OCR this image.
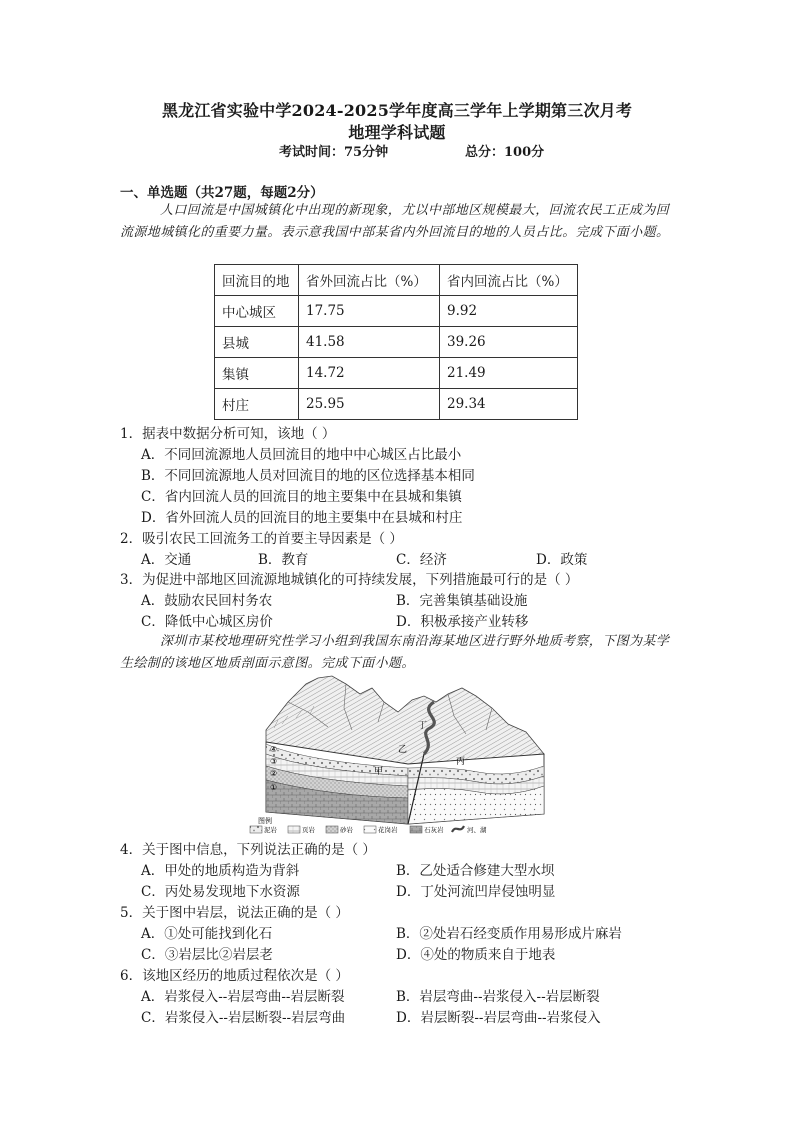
黑龙江省实验中学2024-2025学年度高三学年上学期第三次月考
地理学科试题
考试时间：75分钟	总分：100分
一、单选题（共27题，每题2分）
人口回流是中国城镇化中出现的新现象，尤以中部地区规模最大，回流农民工正成为回流源地城镇化的重要力量。表示意我国中部某省内外回流目的地的人员占比。完成下面小题。
回流目的地	省外回流占比（%）	省内回流占比（%）
中心城区	17.75	9.92
县城	41.58	39.26
集镇	14.72	21.49
村庄	25.95	29.34
1．据表中数据分析可知，该地（ ）
A．不同回流源地人员回流目的地中中心城区占比最小
B．不同回流源地人员对回流目的地的区位选择基本相同
C．省内回流人员的回流目的地主要集中在县城和集镇
D．省外回流人员的回流目的地主要集中在县城和村庄
2．吸引农民工回流务工的首要主导因素是（ ）
A．交通	B．教育	C．经济	D．政策
3．为促进中部地区回流源地城镇化的可持续发展，下列措施最可行的是（ ）
A．鼓励农民回村务农	B．完善集镇基础设施
C．降低中心城区房价	D．积极承接产业转移
深圳市某校地理研究性学习小组到我国东南沿海某地区进行野外地质考察，下图为某学生绘制的该地区地质剖面示意图。完成下面小题。
丁
甲
乙
丙
④
③
②
①
图例
泥岩	页岩	砂岩	花岗岩	石灰岩	河、湖
4．关于图中信息，下列说法正确的是（ ）
A．甲处的地质构造为背斜	B．乙处适合修建大型水坝
C．丙处易发现地下水资源	D．丁处河流凹岸侵蚀明显
5．关于图中岩层，说法正确的是（ ）
A．①处可能找到化石	B．②处岩石经变质作用易形成片麻岩
C．③岩层比②岩层老	D．④处的物质来自于地表
6．该地区经历的地质过程依次是（ ）
A．岩浆侵入--岩层弯曲--岩层断裂	B．岩层弯曲--岩浆侵入--岩层断裂
C．岩浆侵入--岩层断裂--岩层弯曲	D．岩层断裂--岩层弯曲--岩浆侵入
